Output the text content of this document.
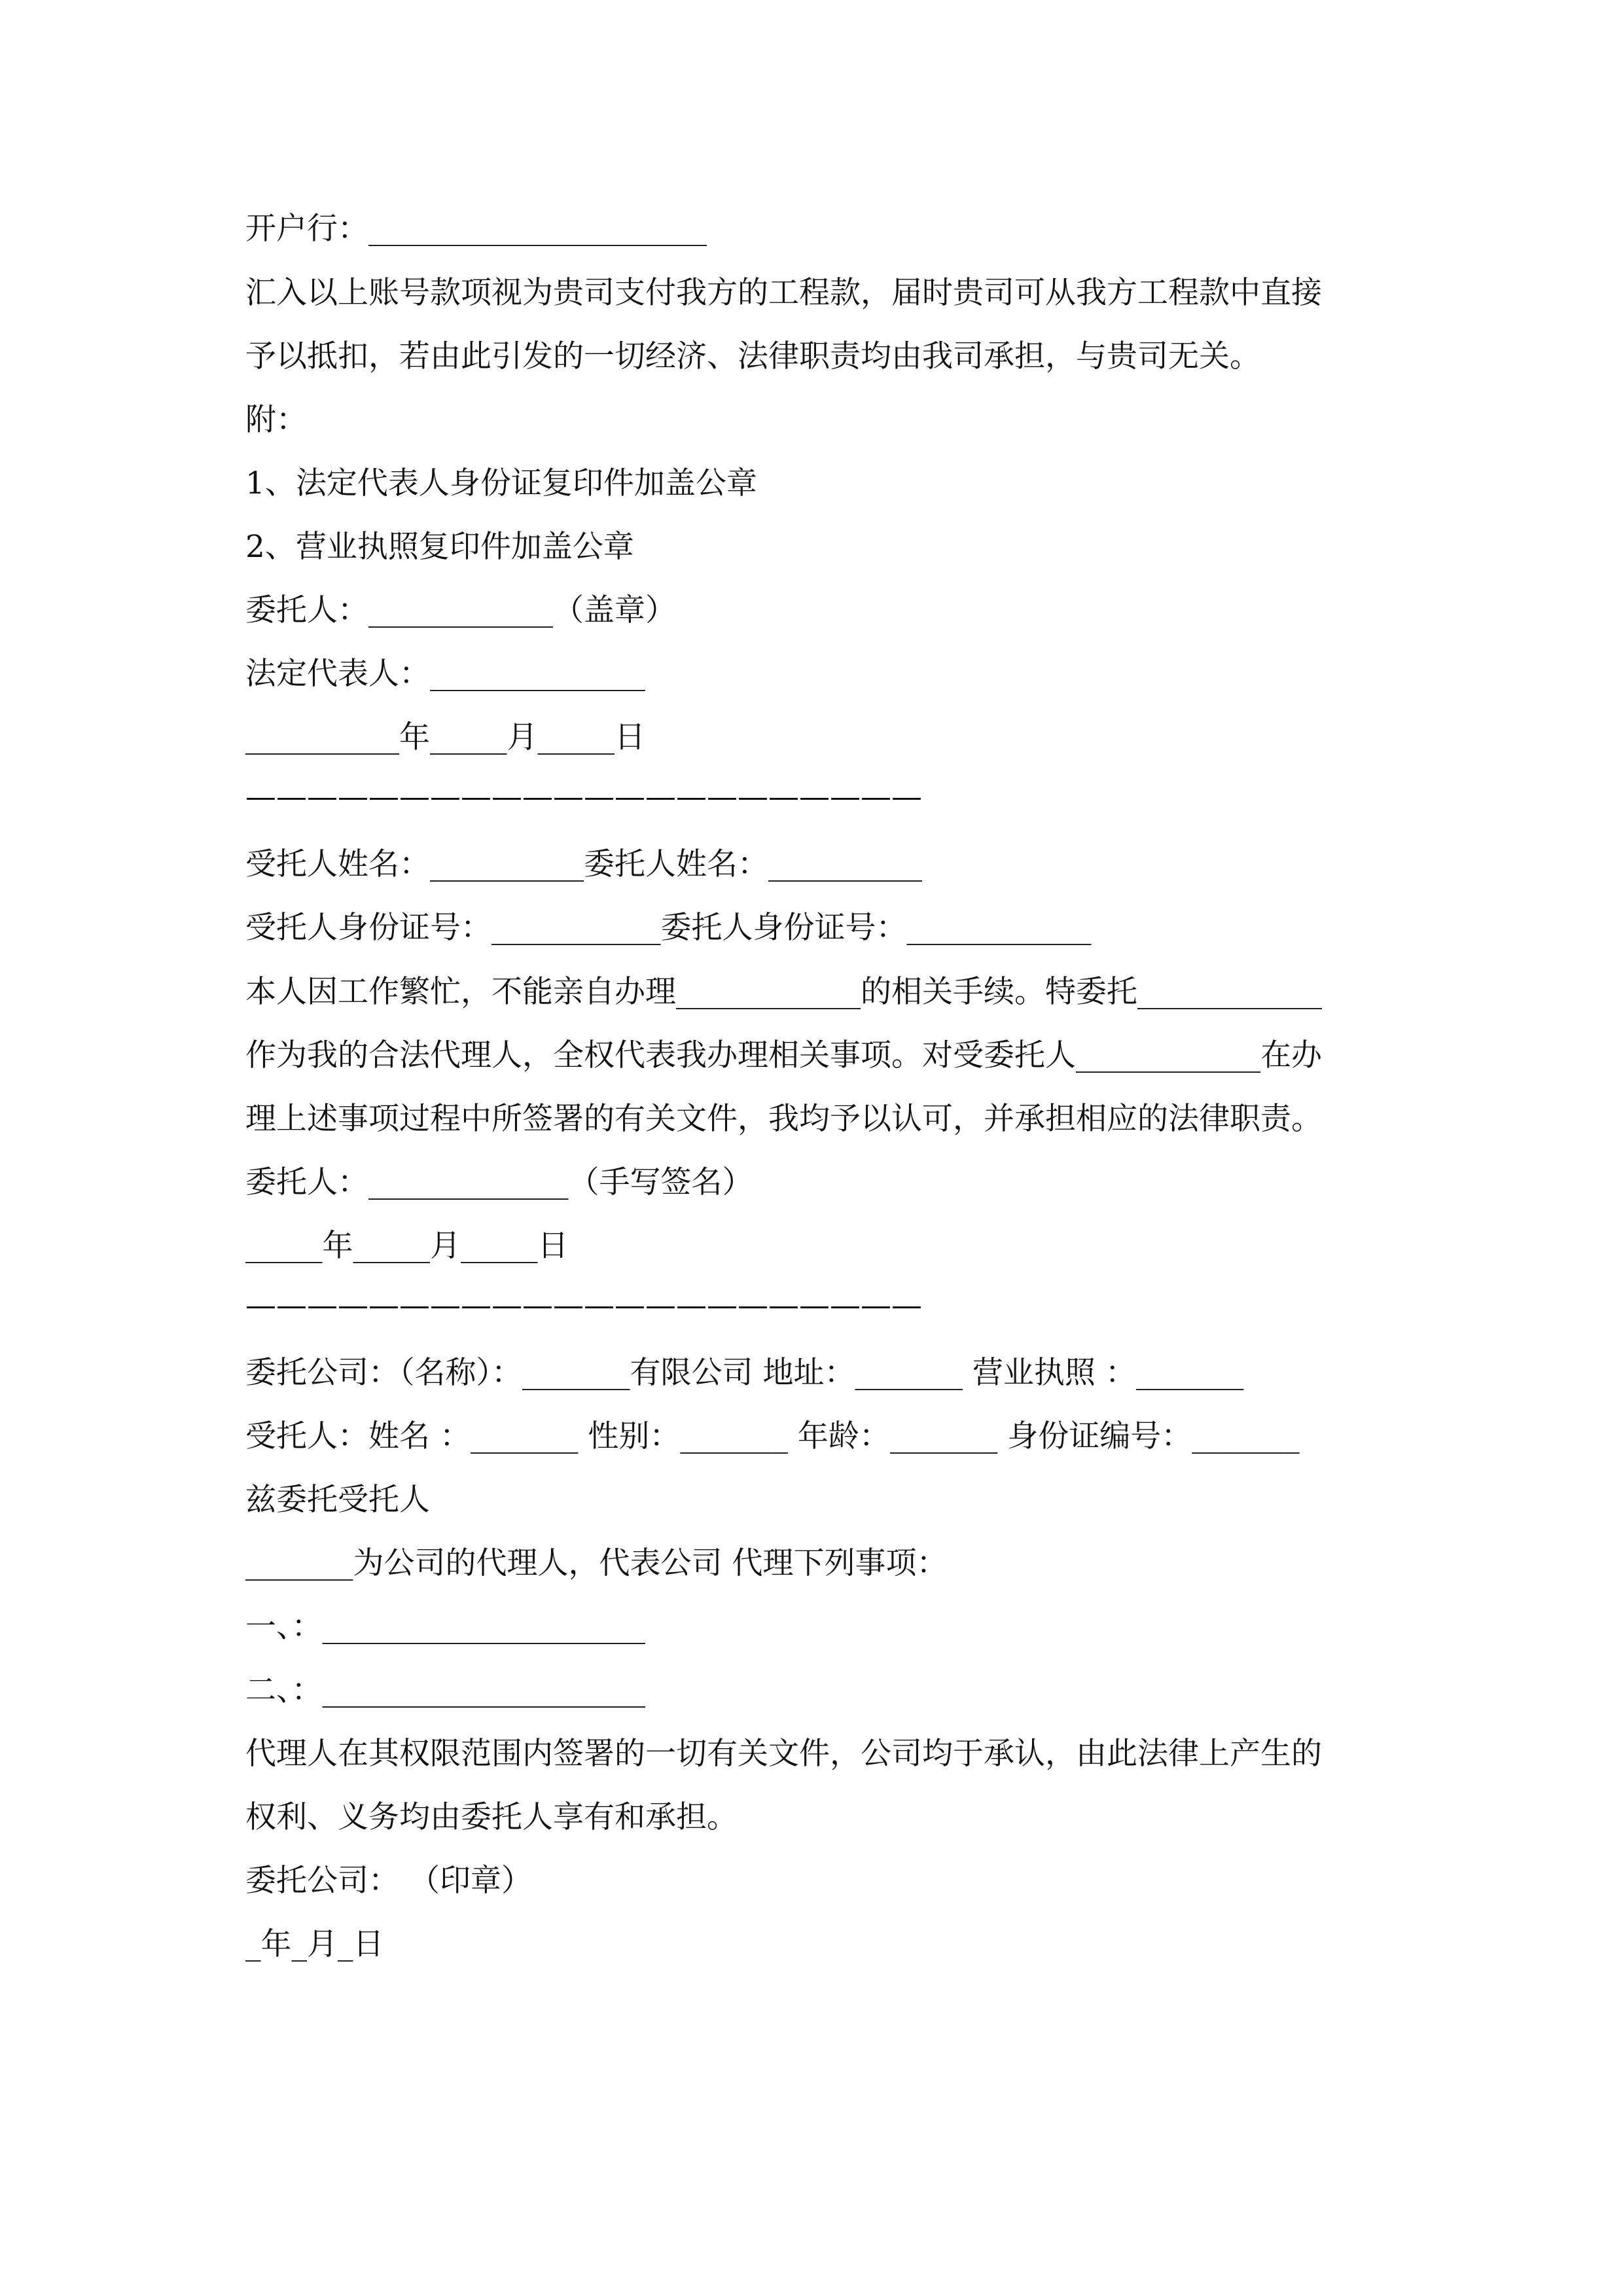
开户行：______________________
汇入以上账号款项视为贵司支付我方的工程款，届时贵司可从我方工程款中直接
予以抵扣，若由此引发的一切经济、法律职责均由我司承担，与贵司无关。
附：
1、法定代表人身份证复印件加盖公章
2、营业执照复印件加盖公章
委托人：____________（盖章）
法定代表人：______________
__________年_____月_____日
——————————————————————
受托人姓名：__________委托人姓名：__________
受托人身份证号：___________委托人身份证号：____________
本人因工作繁忙，不能亲自办理____________的相关手续。特委托____________
作为我的合法代理人，全权代表我办理相关事项。对受委托人____________在办
理上述事项过程中所签署的有关文件，我均予以认可，并承担相应的法律职责。
委托人：_____________（手写签名）
_____年_____月_____日
——————————————————————
委托公司：（名称）：_______有限公司 地址：_______ 营业执照 ：_______
受托人：姓名 ：_______ 性别：_______ 年龄：_______ 身份证编号：_______
兹委托受托人
_______为公司的代理人，代表公司 代理下列事项：
一、：_____________________
二、：_____________________
代理人在其权限范围内签署的一切有关文件，公司均于承认，由此法律上产生的
权利、义务均由委托人享有和承担。
委托公司： （印章）
_年_月_日
